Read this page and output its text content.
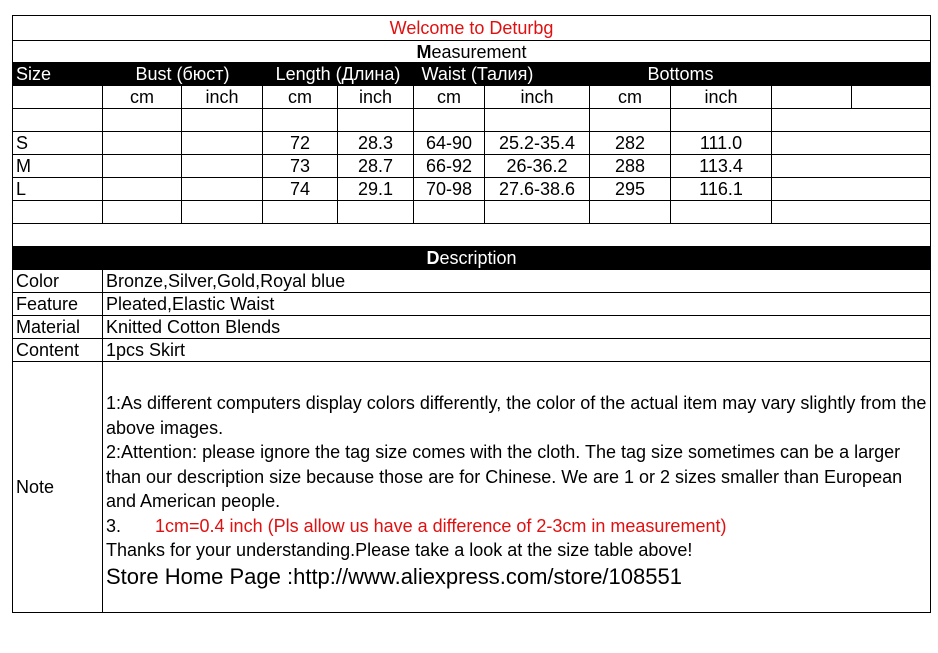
Welcome to Deturbg										
Measurement										
Size	Bust (бюст)		Length (Длина)		Waist (Талия)		Bottoms			
	cm	inch	cm	inch	cm	inch	cm	inch		

S			72	28.3	64-90	25.2-35.4	282	111.0		
M			73	28.7	66-92	26-36.2	288	113.4		
L			74	29.1	70-98	27.6-38.6	295	116.1		

Description										
Color	Bronze,Silver,Gold,Royal blue									
Feature	Pleated,Elastic Waist									
Material	Knitted Cotton Blends									
Content	1pcs Skirt									
Note	1:As different computers display colors differently, the color of the actual item may vary slightly from the above images.
2:Attention: please ignore the tag size comes with the cloth. The tag size sometimes can be a larger than our description size because those are for Chinese. We are 1 or 2 sizes smaller than European and American people.
3. 1cm=0.4 inch (Pls allow us have a difference of 2-3cm in measurement)
Thanks for your understanding.Please take a look at the size table above!
Store Home Page :http://www.aliexpress.com/store/108551									
